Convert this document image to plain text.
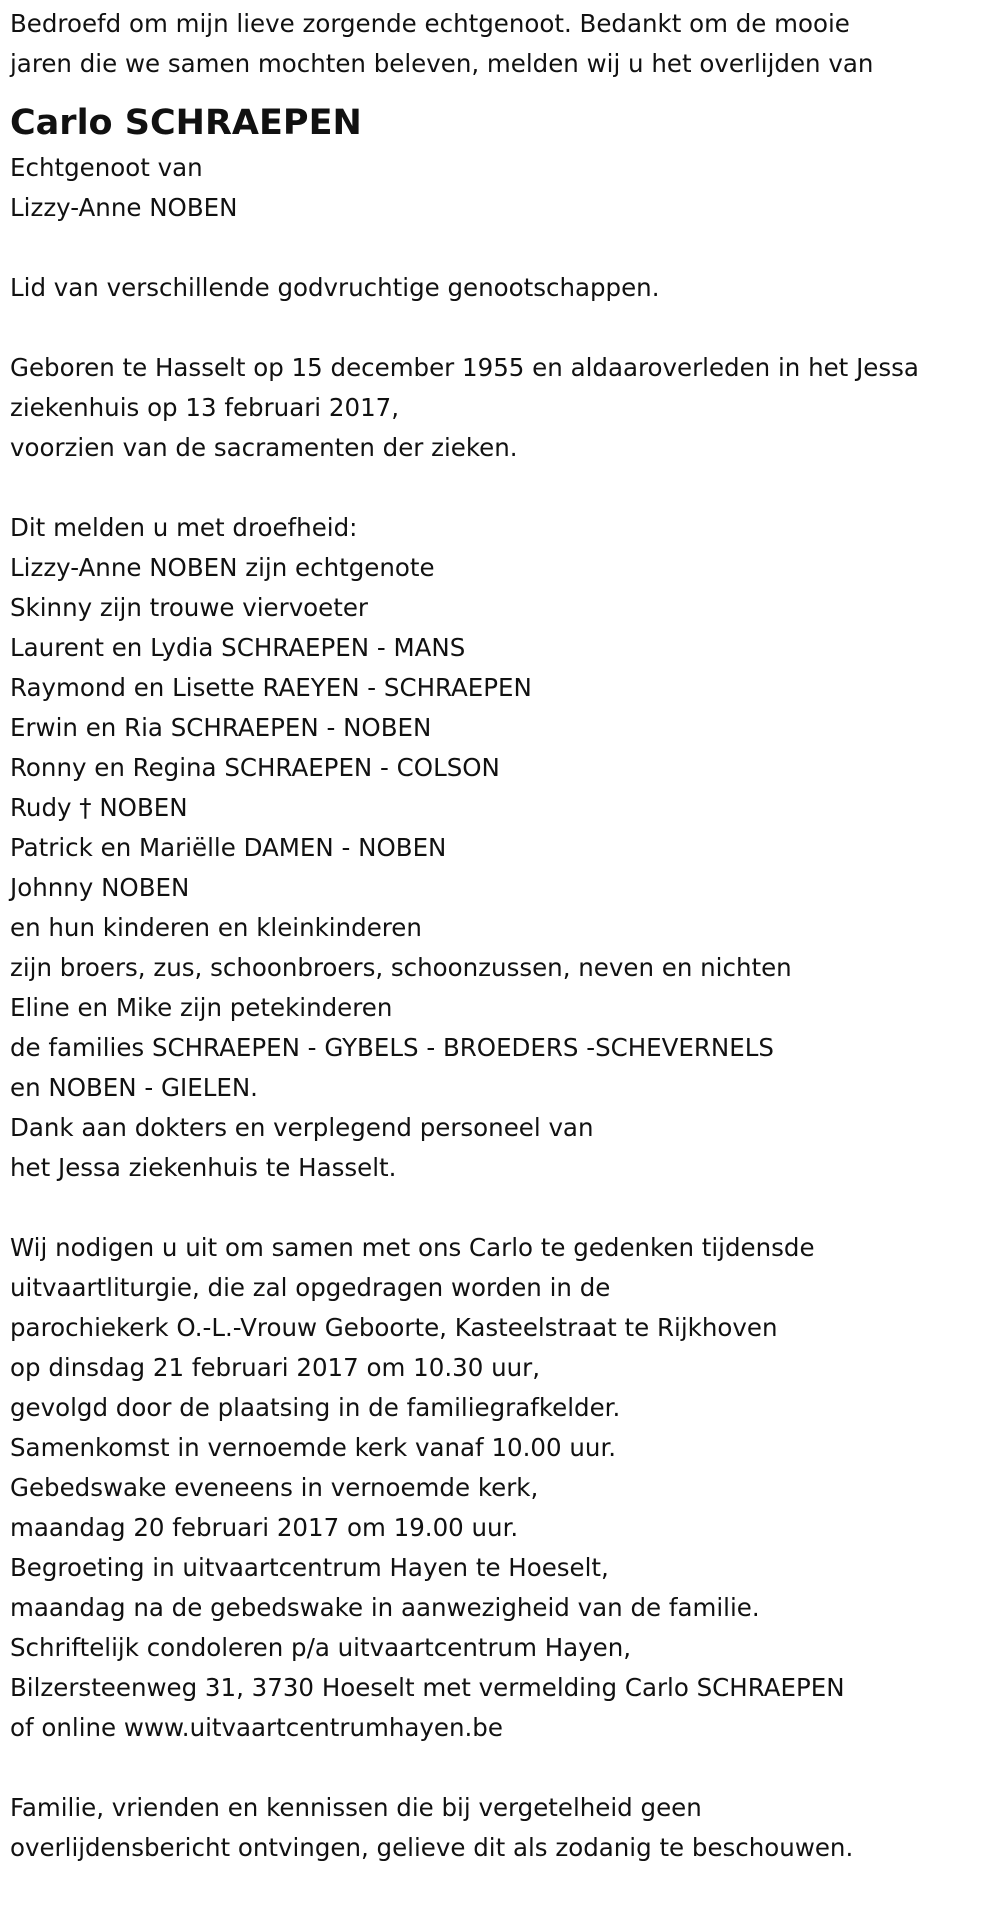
Bedroefd om mijn lieve zorgende echtgenoot. Bedankt om de mooie
jaren die we samen mochten beleven, melden wij u het overlijden van
Carlo SCHRAEPEN
Echtgenoot van
Lizzy-Anne NOBEN
Lid van verschillende godvruchtige genootschappen.
Geboren te Hasselt op 15 december 1955 en aldaaroverleden in het Jessa
ziekenhuis op 13 februari 2017,
voorzien van de sacramenten der zieken.
Dit melden u met droefheid:
Lizzy-Anne NOBEN zijn echtgenote
Skinny zijn trouwe viervoeter
Laurent en Lydia SCHRAEPEN - MANS
Raymond en Lisette RAEYEN - SCHRAEPEN
Erwin en Ria SCHRAEPEN - NOBEN
Ronny en Regina SCHRAEPEN - COLSON
Rudy † NOBEN
Patrick en Mariëlle DAMEN - NOBEN
Johnny NOBEN
en hun kinderen en kleinkinderen
zijn broers, zus, schoonbroers, schoonzussen, neven en nichten
Eline en Mike zijn petekinderen
de families SCHRAEPEN - GYBELS - BROEDERS -SCHEVERNELS
en NOBEN - GIELEN.
Dank aan dokters en verplegend personeel van
het Jessa ziekenhuis te Hasselt.
Wij nodigen u uit om samen met ons Carlo te gedenken tijdensde
uitvaartliturgie, die zal opgedragen worden in de
parochiekerk O.-L.-Vrouw Geboorte, Kasteelstraat te Rijkhoven
op dinsdag 21 februari 2017 om 10.30 uur,
gevolgd door de plaatsing in de familiegrafkelder.
Samenkomst in vernoemde kerk vanaf 10.00 uur.
Gebedswake eveneens in vernoemde kerk,
maandag 20 februari 2017 om 19.00 uur.
Begroeting in uitvaartcentrum Hayen te Hoeselt,
maandag na de gebedswake in aanwezigheid van de familie.
Schriftelijk condoleren p/a uitvaartcentrum Hayen,
Bilzersteenweg 31, 3730 Hoeselt met vermelding Carlo SCHRAEPEN
of online www.uitvaartcentrumhayen.be
Familie, vrienden en kennissen die bij vergetelheid geen
overlijdensbericht ontvingen, gelieve dit als zodanig te beschouwen.
